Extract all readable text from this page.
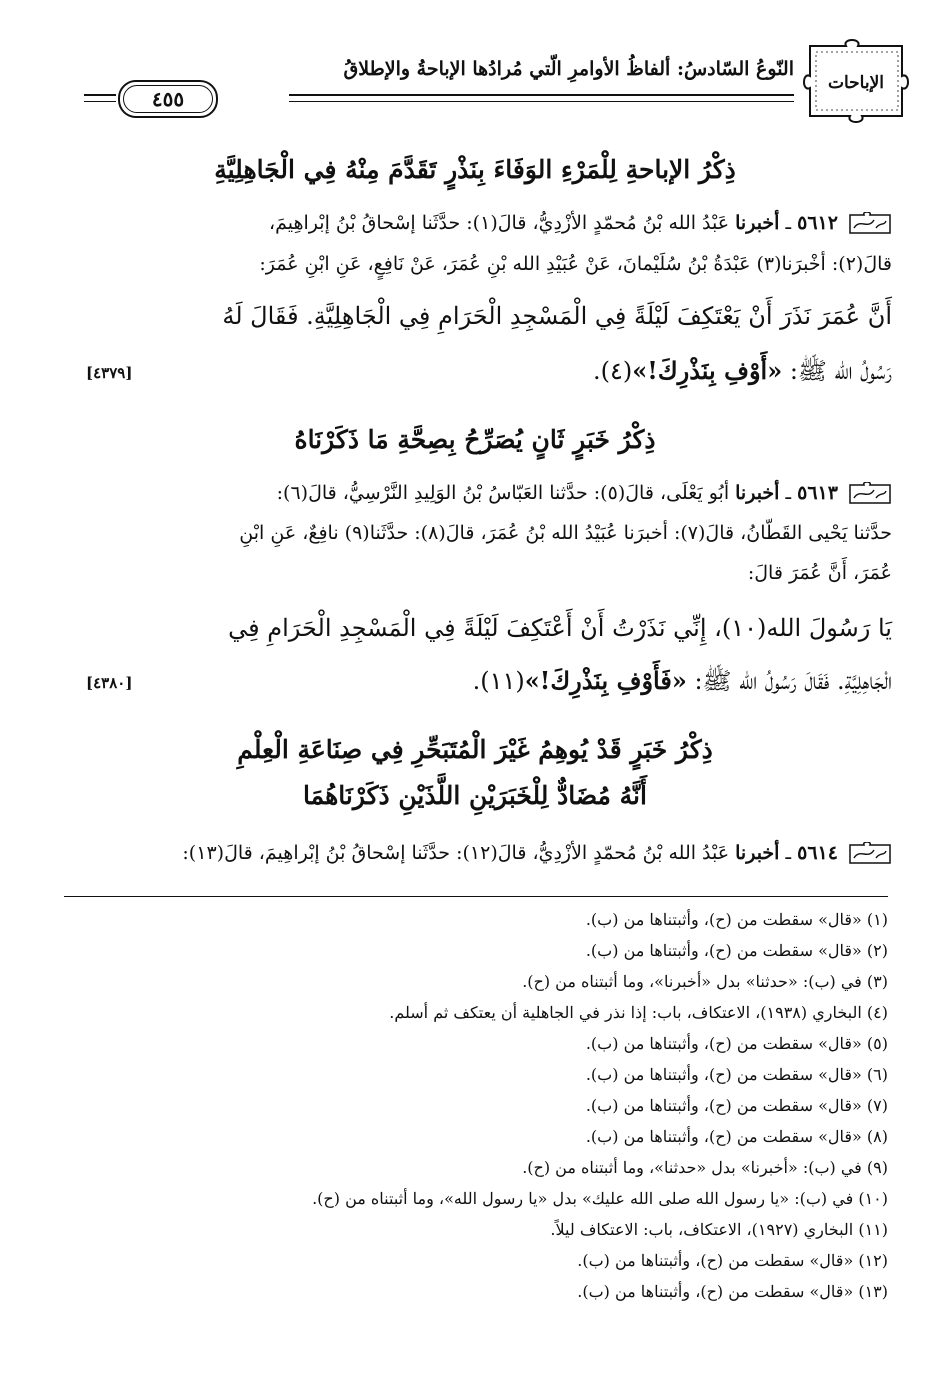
الإباحات
النّوعُ السّادسُ: ألفاظُ الأوامرِ الّتي مُرادُها الإباحةُ والإطلاقُ
٤٥٥
ذِكْرُ الإباحةِ لِلْمَرْءِ الوَفَاءَ بِنَذْرٍ تَقَدَّمَ مِنْهُ فِي الْجَاهِلِيَّةِ
٥٦١٢ ـ أخبرنا عَبْدُ الله بْنُ مُحمّدٍ الأزْدِيُّ، قالَ(١): حدَّثَنا إسْحاقُ بْنُ إبْراهِيمَ،
قالَ(٢): أخْبرَنا(٣) عَبْدَةُ بْنُ سُلَيْمانَ، عَنْ عُبَيْدِ الله بْنِ عُمَرَ، عَنْ نَافِعٍ، عَنِ ابْنِ عُمَرَ:
أَنَّ عُمَرَ نَذَرَ أَنْ يَعْتَكِفَ لَيْلَةً فِي الْمَسْجِدِ الْحَرَامِ فِي الْجَاهِلِيَّةِ. فَقَالَ لَهُ
رَسُولُ الله ﷺ: «أَوْفِ بِنَذْرِكَ!»(٤).
[٤٣٧٩]
ذِكْرُ خَبَرٍ ثَانٍ يُصَرِّحُ بِصِحَّةِ مَا ذَكَرْنَاهُ
٥٦١٣ ـ أخبرنا أبُو يَعْلَى، قالَ(٥): حدَّثنا العَبّاسُ بْنُ الوَلِيدِ النَّرْسِيُّ، قالَ(٦):
حدَّثنا يَحْيى القَطّانُ، قالَ(٧): أخبرَنا عُبَيْدُ الله بْنُ عُمَرَ، قالَ(٨): حدَّثَنا(٩) نافِعٌ، عَنِ ابْنِ
عُمَرَ، أَنَّ عُمَرَ قالَ:
يَا رَسُولَ الله(١٠)، إِنِّي نَذَرْتُ أَنْ أَعْتَكِفَ لَيْلَةً فِي الْمَسْجِدِ الْحَرَامِ فِي
الْجَاهِلِيَّةِ. فَقَالَ رَسُولُ الله ﷺ: «فَأَوْفِ بِنَذْرِكَ!»(١١).
[٤٣٨٠]
ذِكْرُ خَبَرٍ قَدْ يُوهِمُ غَيْرَ الْمُتَبَحِّرِ فِي صِنَاعَةِ الْعِلْمِ
أَنَّهُ مُضَادٌّ لِلْخَبَرَيْنِ اللَّذَيْنِ ذَكَرْنَاهُمَا
٥٦١٤ ـ أخبرنا عَبْدُ الله بْنُ مُحمّدٍ الأزْدِيُّ، قالَ(١٢): حدَّثَنا إسْحاقُ بْنُ إبْراهِيمَ، قالَ(١٣):
(١) «قال» سقطت من (ح)، وأثبتناها من (ب).
(٢) «قال» سقطت من (ح)، وأثبتناها من (ب).
(٣) في (ب): «حدثنا» بدل «أخبرنا»، وما أثبتناه من (ح).
(٤) البخاري (١٩٣٨)، الاعتكاف، باب: إذا نذر في الجاهلية أن يعتكف ثم أسلم.
(٥) «قال» سقطت من (ح)، وأثبتناها من (ب).
(٦) «قال» سقطت من (ح)، وأثبتناها من (ب).
(٧) «قال» سقطت من (ح)، وأثبتناها من (ب).
(٨) «قال» سقطت من (ح)، وأثبتناها من (ب).
(٩) في (ب): «أخبرنا» بدل «حدثنا»، وما أثبتناه من (ح).
(١٠) في (ب): «يا رسول الله صلى الله عليك» بدل «يا رسول الله»، وما أثبتناه من (ح).
(١١) البخاري (١٩٢٧)، الاعتكاف، باب: الاعتكاف ليلاً.
(١٢) «قال» سقطت من (ح)، وأثبتناها من (ب).
(١٣) «قال» سقطت من (ح)، وأثبتناها من (ب).
